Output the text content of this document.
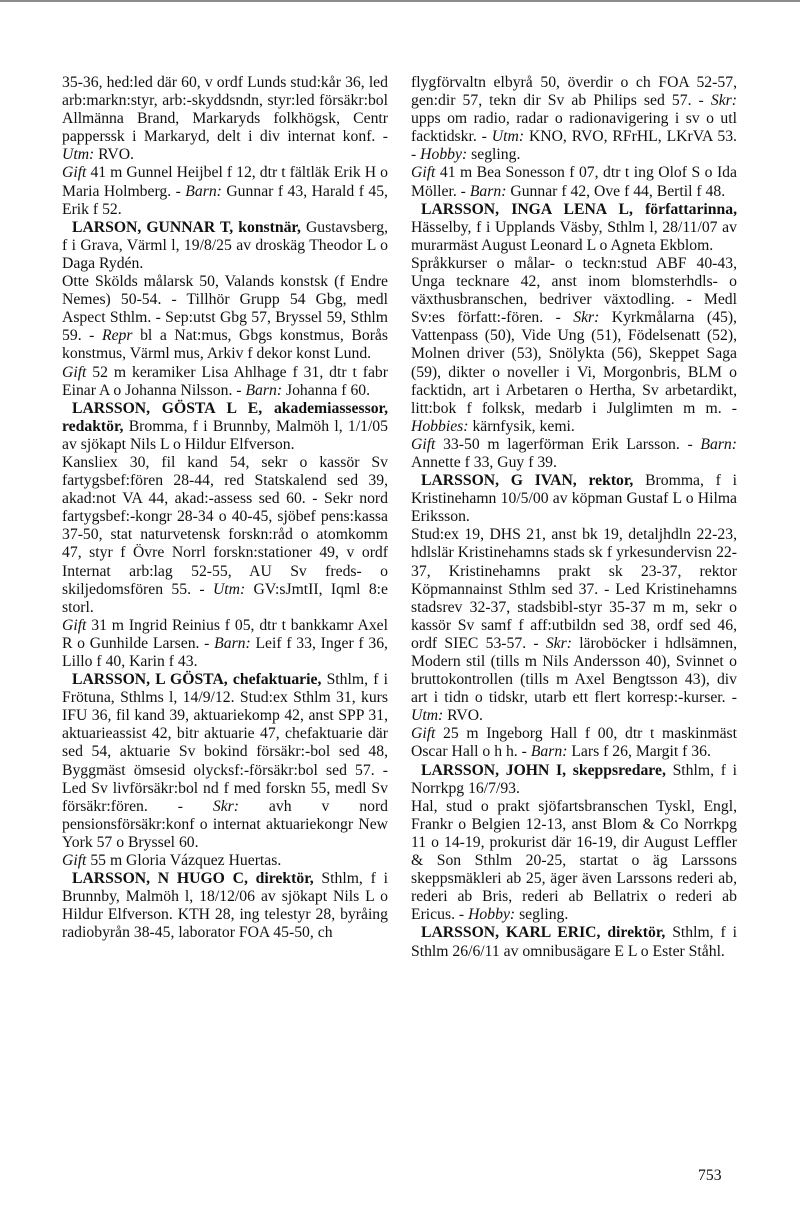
35-36, hed:led där 60, v ordf Lunds stud:kår 36, led arb:markn:styr, arb:-skyddsndn, styr:led försäkr:bol Allmänna Brand, Markaryds folkhögsk, Centr papperssk i Markaryd, delt i div internat konf. - Utm: RVO.

Gift 41 m Gunnel Heijbel f 12, dtr t fältläk Erik H o Maria Holmberg. - Barn: Gunnar f 43, Harald f 45, Erik f 52.

LARSON, GUNNAR T, konstnär, Gustavsberg, f i Grava, Värml l, 19/8/25 av droskäg Theodor L o Daga Rydén.

Otte Skölds målarsk 50, Valands konstsk (f Endre Nemes) 50-54. - Tillhör Grupp 54 Gbg, medl Aspect Sthlm. - Sep:utst Gbg 57, Bryssel 59, Sthlm 59. - Repr bl a Nat:mus, Gbgs konstmus, Borås konstmus, Värml mus, Arkiv f dekor konst Lund.

Gift 52 m keramiker Lisa Ahlhage f 31, dtr t fabr Einar A o Johanna Nilsson. - Barn: Johanna f 60.

LARSSON, GÖSTA L E, akademiassessor, redaktör, Bromma, f i Brunnby, Malmöh l, 1/1/05 av sjökapt Nils L o Hildur Elfverson.

Kansliex 30, fil kand 54, sekr o kassör Sv fartygsbef:fören 28-44, red Statskalend sed 39, akad:not VA 44, akad:-assess sed 60. - Sekr nord fartygsbef:-kongr 28-34 o 40-45, sjöbef pens:kassa 37-50, stat naturvetensk forskn:råd o atomkomm 47, styr f Övre Norrl forskn:stationer 49, v ordf Internat arb:lag 52-55, AU Sv freds- o skiljedomsfören 55. - Utm: GV:sJmtII, Iqml 8:e storl.

Gift 31 m Ingrid Reinius f 05, dtr t bankkamr Axel R o Gunhilde Larsen. - Barn: Leif f 33, Inger f 36, Lillo f 40, Karin f 43.

LARSSON, L GÖSTA, chefaktuarie, Sthlm, f i Frötuna, Sthlms l, 14/9/12. Stud:ex Sthlm 31, kurs IFU 36, fil kand 39, aktuariekomp 42, anst SPP 31, aktuarieassist 42, bitr aktuarie 47, chefaktuarie där sed 54, aktuarie Sv bokind försäkr:-bol sed 48, Byggmäst ömsesid olycksf:-försäkr:bol sed 57. - Led Sv livförsäkr:bol nd f med forskn 55, medl Sv försäkr:fören. - Skr: avh v nord pensionsförsäkr:konf o internat aktuariekongr New York 57 o Bryssel 60.

Gift 55 m Gloria Vázquez Huertas.

LARSSON, N HUGO C, direktör, Sthlm, f i Brunnby, Malmöh l, 18/12/06 av sjökapt Nils L o Hildur Elfverson. KTH 28, ing telestyr 28, byråing radiobyrån 38-45, laborator FOA 45-50, ch

flygförvaltn elbyrå 50, överdir o ch FOA 52-57, gen:dir 57, tekn dir Sv ab Philips sed 57. - Skr: upps om radio, radar o radionavigering i sv o utl facktidskr. - Utm: KNO, RVO, RFrHL, LKrVA 53. - Hobby: segling.

Gift 41 m Bea Sonesson f 07, dtr t ing Olof S o Ida Möller. - Barn: Gunnar f 42, Ove f 44, Bertil f 48.

LARSSON, INGA LENA L, författarinna, Hässelby, f i Upplands Väsby, Sthlm l, 28/11/07 av murarmäst August Leonard L o Agneta Ekblom.

Språkkurser o målar- o teckn:stud ABF 40-43, Unga tecknare 42, anst inom blomsterhdls- o växthusbranschen, bedriver växtodling. - Medl Sv:es författ:-fören. - Skr: Kyrkmålarna (45), Vattenpass (50), Vide Ung (51), Födelsenatt (52), Molnen driver (53), Snölykta (56), Skeppet Saga (59), dikter o noveller i Vi, Morgonbris, BLM o facktidn, art i Arbetaren o Hertha, Sv arbetardikt, litt:bok f folksk, medarb i Julglimten m m. - Hobbies: kärnfysik, kemi.

Gift 33-50 m lagerförman Erik Larsson. - Barn: Annette f 33, Guy f 39.

LARSSON, G IVAN, rektor, Bromma, f i Kristinehamn 10/5/00 av köpman Gustaf L o Hilma Eriksson.

Stud:ex 19, DHS 21, anst bk 19, detaljhdln 22-23, hdlslär Kristinehamns stads sk f yrkesundervisn 22-37, Kristinehamns prakt sk 23-37, rektor Köpmannainst Sthlm sed 37. - Led Kristinehamns stadsrev 32-37, stadsbibl-styr 35-37 m m, sekr o kassör Sv samf f aff:utbildn sed 38, ordf sed 46, ordf SIEC 53-57. - Skr: läroböcker i hdlsämnen, Modern stil (tills m Nils Andersson 40), Svinnet o bruttokontrollen (tills m Axel Bengtsson 43), div art i tidn o tidskr, utarb ett flert korresp:-kurser. - Utm: RVO.

Gift 25 m Ingeborg Hall f 00, dtr t maskinmäst Oscar Hall o h h. - Barn: Lars f 26, Margit f 36.

LARSSON, JOHN I, skeppsredare, Sthlm, f i Norrkpg 16/7/93.

Hal, stud o prakt sjöfartsbranschen Tyskl, Engl, Frankr o Belgien 12-13, anst Blom & Co Norrkpg 11 o 14-19, prokurist där 16-19, dir August Leffler & Son Sthlm 20-25, startat o äg Larssons skeppsmäkleri ab 25, äger även Larssons rederi ab, rederi ab Bris, rederi ab Bellatrix o rederi ab Ericus. - Hobby: segling.

LARSSON, KARL ERIC, direktör, Sthlm, f i Sthlm 26/6/11 av omnibusägare E L o Ester Ståhl.

753
